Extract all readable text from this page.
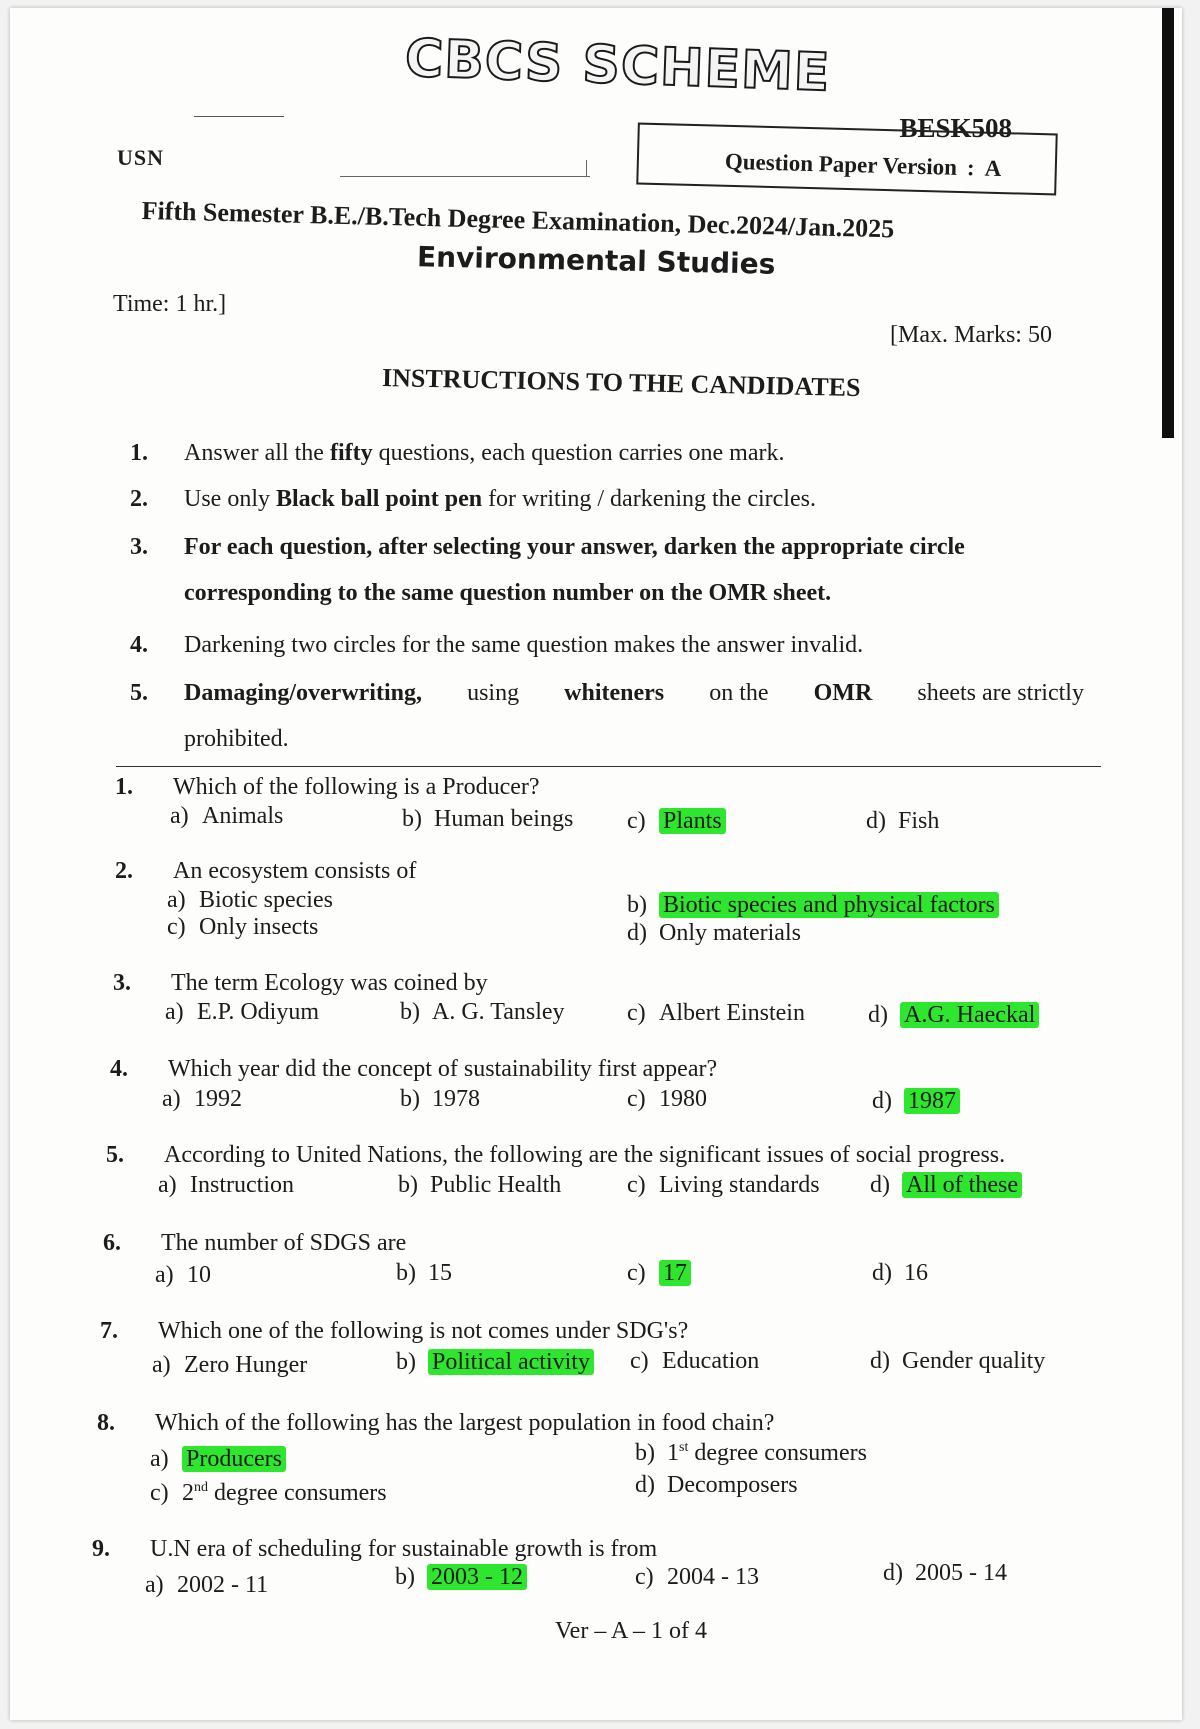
CBCS SCHEME
BESK508
USN	Question Paper Version : A
Fifth Semester B.E./B.Tech Degree Examination, Dec.2024/Jan.2025
Environmental Studies
Time: 1 hr.]
[Max. Marks: 50
INSTRUCTIONS TO THE CANDIDATES
1. Answer all the fifty questions, each question carries one mark.
2. Use only Black ball point pen for writing / darkening the circles.
3. For each question, after selecting your answer, darken the appropriate circle
corresponding to the same question number on the OMR sheet.
4. Darkening two circles for the same question makes the answer invalid.
5. Damaging/overwriting, using whiteners on the OMR sheets are strictly
prohibited.
1. Which of the following is a Producer?
a) Animals	b) Human beings c) Plants	d) Fish
2. An ecosystem consists of
a) Biotic species	b) Biotic species and physical factors
c) Only insects	d) Only materials
3. The term Ecology was coined by
a) E.P. Odiyum	b) A. G. Tansley	c) Albert Einstein	d) A.G. Haeckal
4. Which year did the concept of sustainability first appear?
a) 1992	b) 1978	c) 1980	d) 1987
5. According to United Nations, the following are the significant issues of social progress.
a) Instruction	b) Public Health	c) Living standards d) All of these
6. The number of SDGS are
a) 10	b) 15	c) 17	d) 16
7. Which one of the following is not comes under SDG's?
a) Zero Hunger	b) Political activity c) Education	d) Gender quality
8. Which of the following has the largest population in food chain?
a) Producers	b) 1st degree consumers
c) 2nd degree consumers	d) Decomposers
9. U.N era of scheduling for sustainable growth is from
a) 2002 - 11	b) 2003 - 12	c) 2004 - 13	d) 2005 - 14
Ver – A – 1 of 4
